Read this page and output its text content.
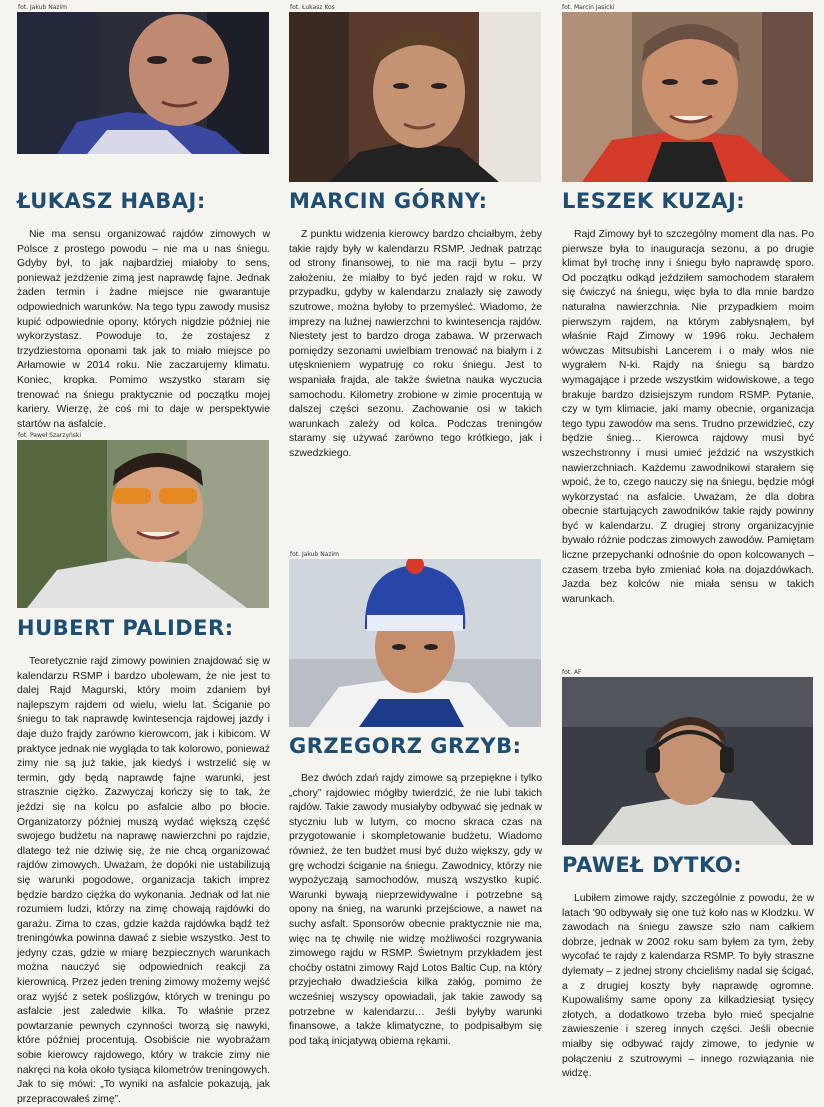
fot. Jakub Nazim
ŁUKASZ HABAJ:

Nie ma sensu organizować rajdów zimowych w Polsce z prostego powodu – nie ma u nas śniegu. Gdyby był, to jak najbardziej miałoby to sens, ponieważ jeżdżenie zimą jest naprawdę fajne. Jednak żaden termin i żadne miejsce nie gwarantuje odpowiednich warunków. Na tego typu zawody musisz kupić odpowiednie opony, których nigdzie później nie wykorzystasz. Powoduje to, że zostajesz z trzydziestoma oponami tak jak to miało miejsce po Arłamowie w 2014 roku. Nie zaczarujemy klimatu. Koniec, kropka. Pomimo wszystko staram się trenować na śniegu praktycznie od początku mojej kariery. Wierzę, że coś mi to daje w perspektywie startów na asfalcie.

fot. Łukasz Kos
MARCIN GÓRNY:

Z punktu widzenia kierowcy bardzo chciałbym, żeby takie rajdy były w kalendarzu RSMP. Jednak patrząc od strony finansowej, to nie ma racji bytu – przy założeniu, że miałby to być jeden rajd w roku. W przypadku, gdyby w kalendarzu znalazły się zawody szutrowe, można byłoby to przemyśleć. Wiadomo, że imprezy na luźnej nawierzchni to kwintesencja rajdów. Niestety jest to bardzo droga zabawa. W przerwach pomiędzy sezonami uwielbiam trenować na białym i z utęsknieniem wypatruję co roku śniegu. Jest to wspaniała frajda, ale także świetna nauka wyczucia samochodu. Kilometry zrobione w zimie procentują w dalszej części sezonu. Zachowanie osi w takich warunkach zależy od kolca. Podczas treningów staramy się używać zarówno tego krótkiego, jak i szwedzkiego.

fot. Marcin Jasicki
LESZEK KUZAJ:

Rajd Zimowy był to szczególny moment dla nas. Po pierwsze była to inauguracja sezonu, a po drugie klimat był trochę inny i śniegu było naprawdę sporo. Od początku odkąd jeździłem samochodem starałem się ćwiczyć na śniegu, więc była to dla mnie bardzo naturalna nawierzchnia. Nie przypadkiem moim pierwszym rajdem, na którym zabłysnąłem, był właśnie Rajd Zimowy w 1996 roku. Jechałem wówczas Mitsubishi Lancerem i o mały włos nie wygrałem N-ki. Rajdy na śniegu są bardzo wymagające i przede wszystkim widowiskowe, a tego brakuje bardzo dzisiejszym rundom RSMP. Pytanie, czy w tym klimacie, jaki mamy obecnie, organizacja tego typu zawodów ma sens. Trudno przewidzieć, czy będzie śnieg… Kierowca rajdowy musi być wszechstronny i musi umieć jeździć na wszystkich nawierzchniach. Każdemu zawodnikowi starałem się wpoić, że to, czego nauczy się na śniegu, będzie mógł wykorzystać na asfalcie. Uważam, że dla dobra obecnie startujących zawodników takie rajdy powinny być w kalendarzu. Z drugiej strony organizacyjnie bywało różnie podczas zimowych zawodów. Pamiętam liczne przepychanki odnośnie do opon kolcowanych – czasem trzeba było zmieniać koła na dojazdówkach. Jazda bez kolców nie miała sensu w takich warunkach.

fot. Paweł Szarzyński
HUBERT PALIDER:

Teoretycznie rajd zimowy powinien znajdować się w kalendarzu RSMP i bardzo ubolewam, że nie jest to dalej Rajd Magurski, który moim zdaniem był najlepszym rajdem od wielu, wielu lat. Ściganie po śniegu to tak naprawdę kwintesencja rajdowej jazdy i daje dużo frajdy zarówno kierowcom, jak i kibicom. W praktyce jednak nie wygląda to tak kolorowo, ponieważ zimy nie są już takie, jak kiedyś i wstrzelić się w termin, gdy będą naprawdę fajne warunki, jest strasznie ciężko. Zazwyczaj kończy się to tak, że jeździ się na kolcu po asfalcie albo po błocie. Organizatorzy później muszą wydać większą część swojego budżetu na naprawę nawierzchni po rajdzie, dlatego też nie dziwię się, że nie chcą organizować rajdów zimowych. Uważam, że dopóki nie ustabilizują się warunki pogodowe, organizacja takich imprez będzie bardzo ciężka do wykonania. Jednak od lat nie rozumiem ludzi, którzy na zimę chowają rajdówki do garażu. Zima to czas, gdzie każda rajdówka bądź też treningówka powinna dawać z siebie wszystko. Jest to jedyny czas, gdzie w miarę bezpiecznych warunkach można nauczyć się odpowiednich reakcji za kierownicą. Przez jeden trening zimowy możemy wejść oraz wyjść z setek poślizgów, których w treningu po asfalcie jest zaledwie kilka. To właśnie przez powtarzanie pewnych czynności tworzą się nawyki, które później procentują. Osobiście nie wyobrażam sobie kierowcy rajdowego, który w trakcie zimy nie nakręci na koła około tysiąca kilometrów treningowych. Jak to się mówi: „To wyniki na asfalcie pokazują, jak przepracowałeś zimę”.

fot. Jakub Nazim
GRZEGORZ GRZYB:

Bez dwóch zdań rajdy zimowe są przepiękne i tylko „chory” rajdowiec mógłby twierdzić, że nie lubi takich rajdów. Takie zawody musiałyby odbywać się jednak w styczniu lub w lutym, co mocno skraca czas na przygotowanie i skompletowanie budżetu. Wiadomo również, że ten budżet musi być dużo większy, gdy w grę wchodzi ściganie na śniegu. Zawodnicy, którzy nie wypożyczają samochodów, muszą wszystko kupić. Warunki bywają nieprzewidywalne i potrzebne są opony na śnieg, na warunki przejściowe, a nawet na suchy asfalt. Sponsorów obecnie praktycznie nie ma, więc na tę chwilę nie widzę możliwości rozgrywania zimowego rajdu w RSMP. Świetnym przykładem jest choćby ostatni zimowy Rajd Lotos Baltic Cup, na który przyjechało dwadzieścia kilka załóg, pomimo że wcześniej wszyscy opowiadali, jak takie zawody są potrzebne w kalendarzu… Jeśli byłyby warunki finansowe, a także klimatyczne, to podpisałbym się pod taką inicjatywą obiema rękami.

fot. AF
PAWEŁ DYTKO:

Lubiłem zimowe rajdy, szczególnie z powodu, że w latach '90 odbywały się one tuż koło nas w Kłodzku. W zawodach na śniegu zawsze szło nam całkiem dobrze, jednak w 2002 roku sam byłem za tym, żeby wycofać te rajdy z kalendarza RSMP. To były straszne dylematy – z jednej strony chcieliśmy nadal się ścigać, a z drugiej koszty były naprawdę ogromne. Kupowaliśmy same opony za kilkadziesiąt tysięcy złotych, a dodatkowo trzeba było mieć specjalne zawieszenie i szereg innych części. Jeśli obecnie miałby się odbywać rajdy zimowe, to jedynie w połączeniu z szutrowymi – innego rozwiązania nie widzę.
